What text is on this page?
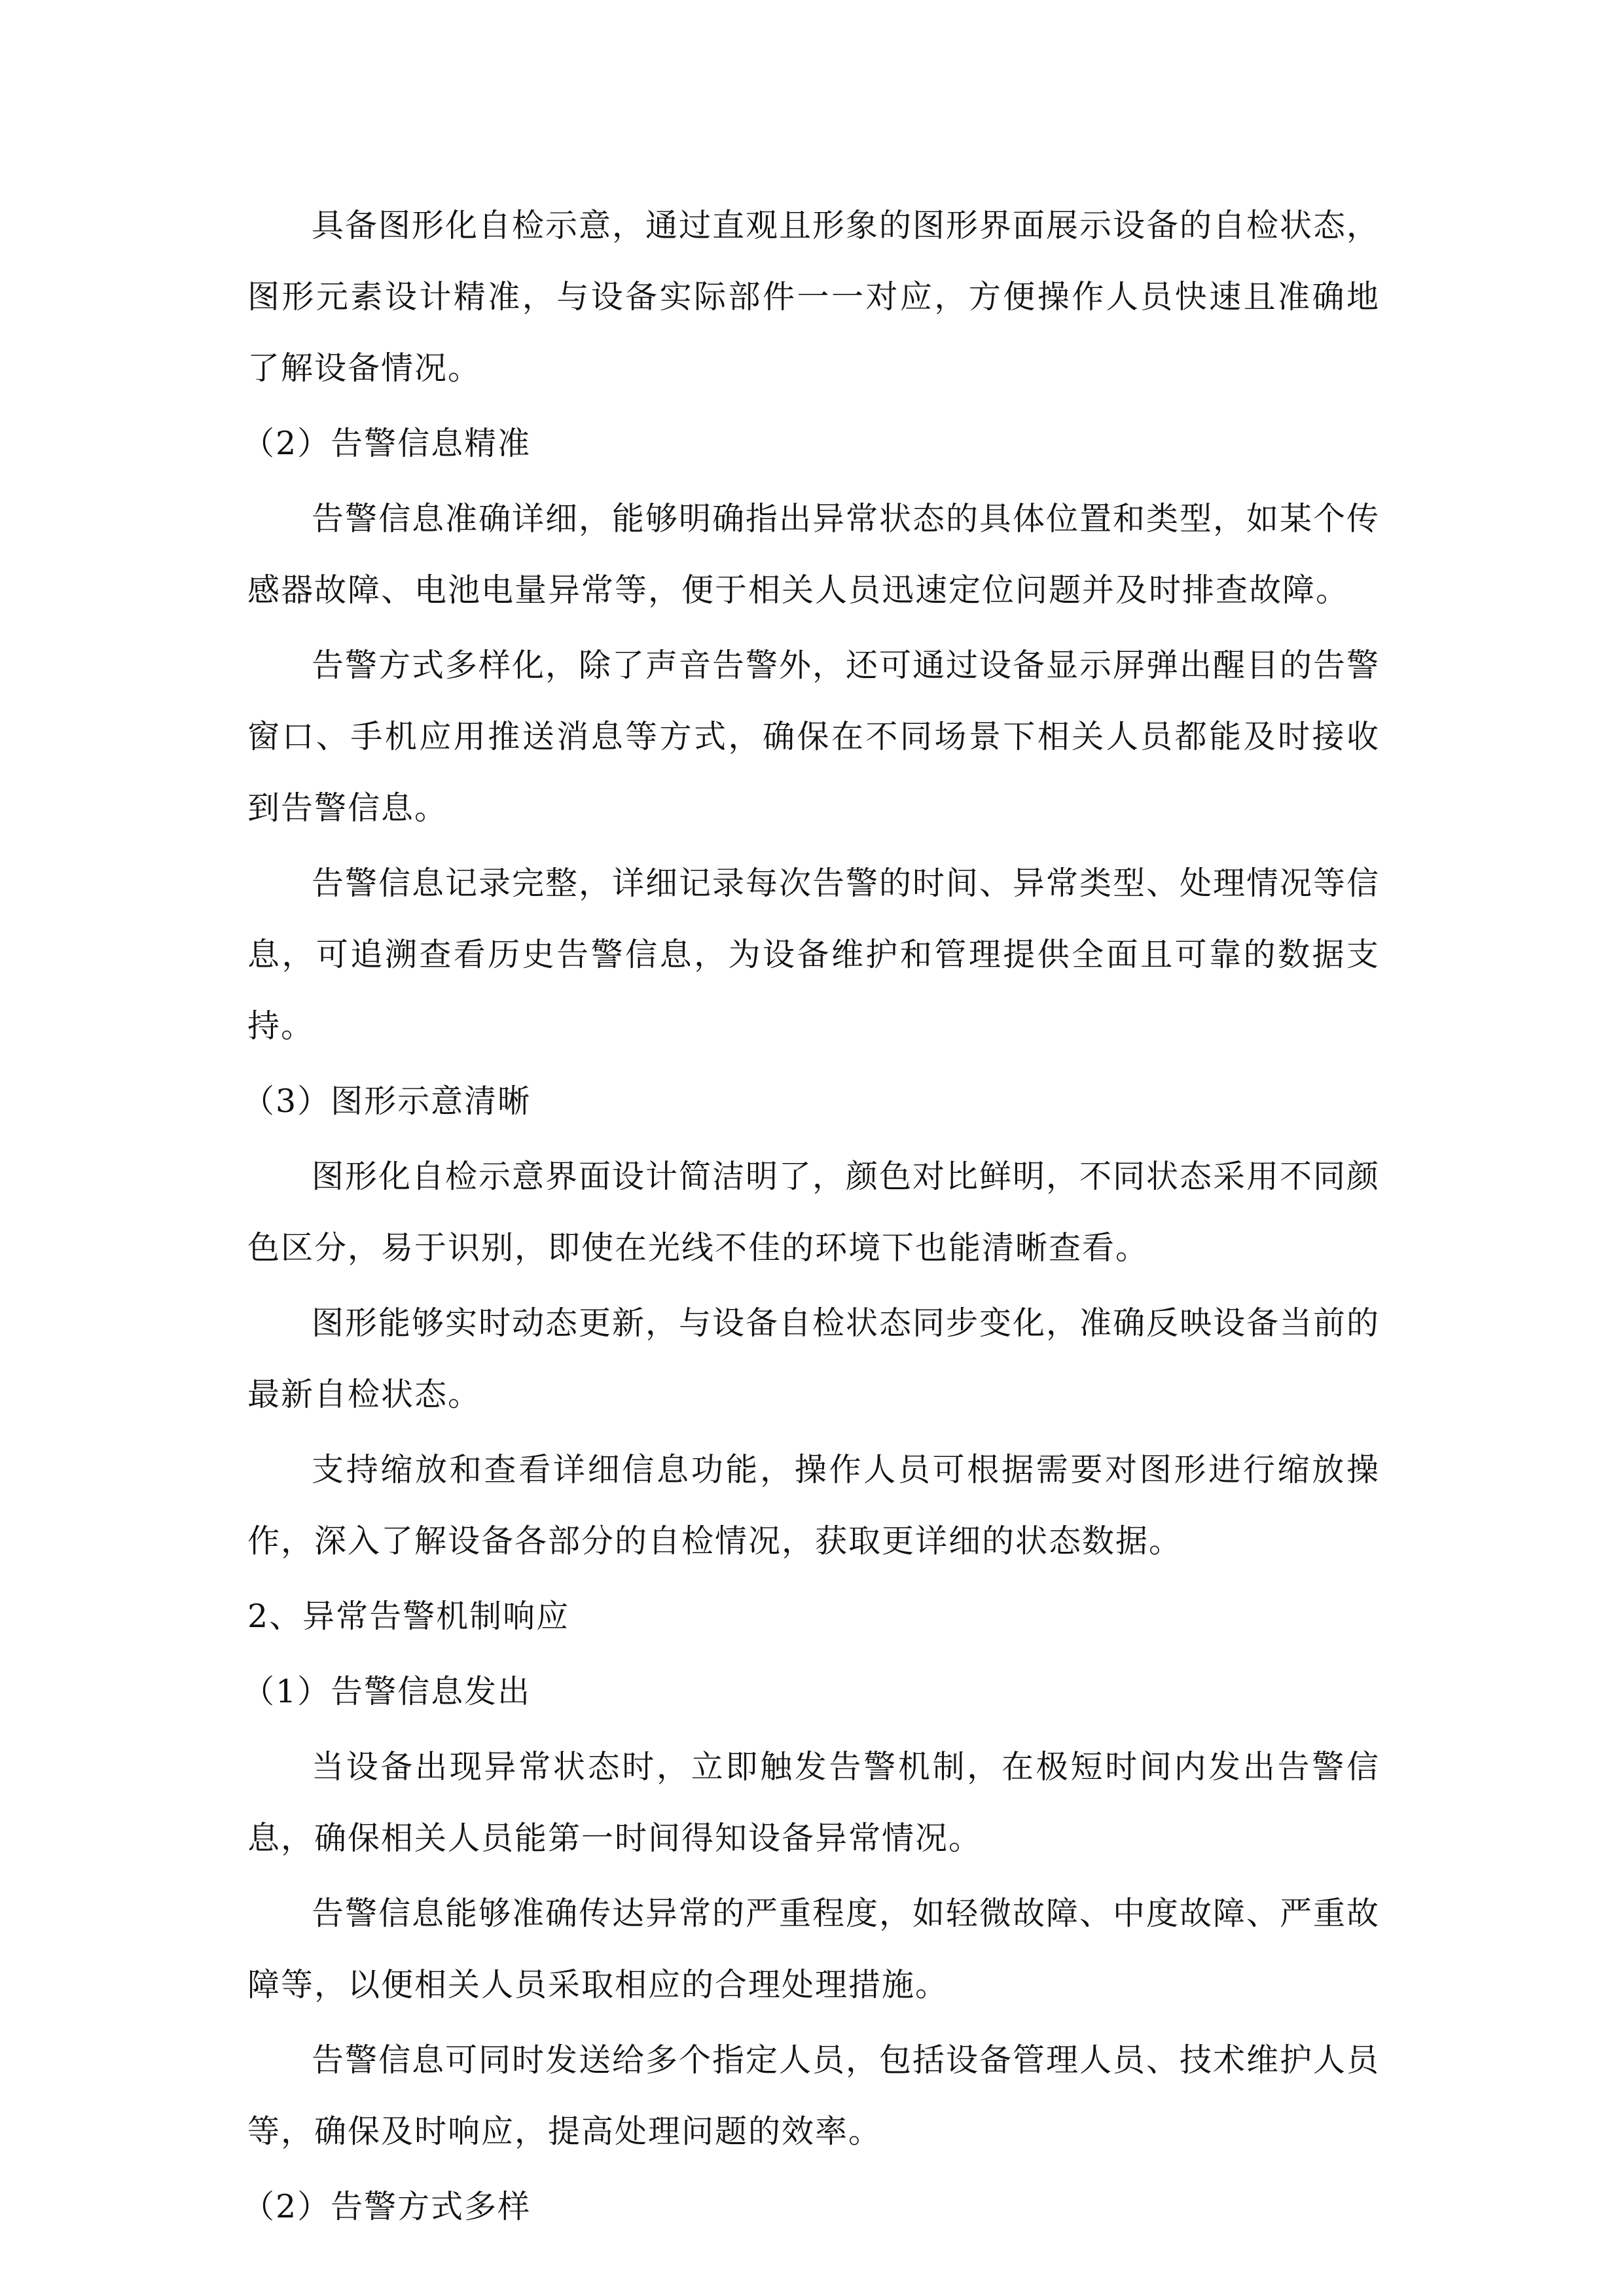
具备图形化自检示意，通过直观且形象的图形界面展示设备的自检状态，图形元素设计精准，与设备实际部件一一对应，方便操作人员快速且准确地了解设备情况。

（2）告警信息精准

告警信息准确详细，能够明确指出异常状态的具体位置和类型，如某个传感器故障、电池电量异常等，便于相关人员迅速定位问题并及时排查故障。

告警方式多样化，除了声音告警外，还可通过设备显示屏弹出醒目的告警窗口、手机应用推送消息等方式，确保在不同场景下相关人员都能及时接收到告警信息。

告警信息记录完整，详细记录每次告警的时间、异常类型、处理情况等信息，可追溯查看历史告警信息，为设备维护和管理提供全面且可靠的数据支持。

（3）图形示意清晰

图形化自检示意界面设计简洁明了，颜色对比鲜明，不同状态采用不同颜色区分，易于识别，即使在光线不佳的环境下也能清晰查看。

图形能够实时动态更新，与设备自检状态同步变化，准确反映设备当前的最新自检状态。

支持缩放和查看详细信息功能，操作人员可根据需要对图形进行缩放操作，深入了解设备各部分的自检情况，获取更详细的状态数据。

2、异常告警机制响应

（1）告警信息发出

当设备出现异常状态时，立即触发告警机制，在极短时间内发出告警信息，确保相关人员能第一时间得知设备异常情况。

告警信息能够准确传达异常的严重程度，如轻微故障、中度故障、严重故障等，以便相关人员采取相应的合理处理措施。

告警信息可同时发送给多个指定人员，包括设备管理人员、技术维护人员等，确保及时响应，提高处理问题的效率。

（2）告警方式多样
